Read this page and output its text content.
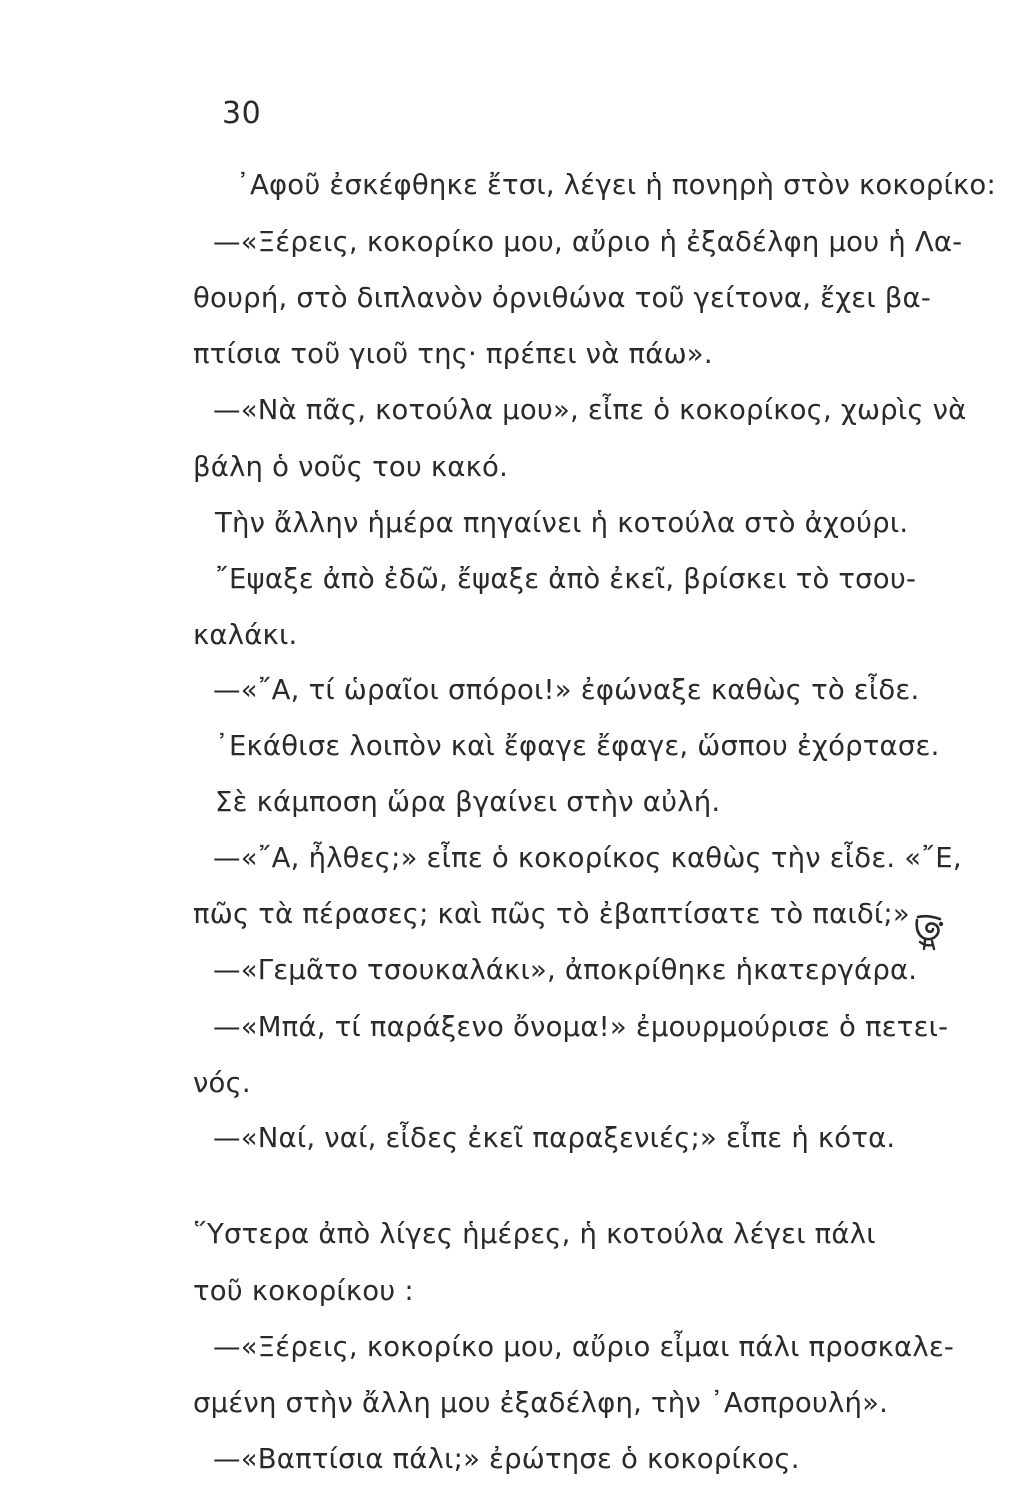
30
᾿Αφοῦ ἐσκέφθηκε ἔτσι, λέγει ἡ πονηρὴ στὸν κοκορίκο:
—«Ξέρεις, κοκορίκο μου, αὔριο ἡ ἐξαδέλφη μου ἡ Λα-
θουρή, στὸ διπλανὸν ὀρνιθώνα τοῦ γείτονα, ἔχει βα-
πτίσια τοῦ γιοῦ της· πρέπει νὰ πάω».
—«Νὰ πᾶς, κοτούλα μου», εἶπε ὁ κοκορίκος, χωρὶς νὰ
βάλη ὁ νοῦς του κακό.
Τὴν ἄλλην ἡμέρα πηγαίνει ἡ κοτούλα στὸ ἀχούρι.
῎Εψαξε ἀπὸ ἐδῶ, ἔψαξε ἀπὸ ἐκεῖ, βρίσκει τὸ τσου-
καλάκι.
—«῎Α, τί ὡραῖοι σπόροι!» ἐφώναξε καθὼς τὸ εἶδε.
᾿Εκάθισε λοιπὸν καὶ ἔφαγε ἔφαγε, ὥσπου ἐχόρτασε.
Σὲ κάμποση ὥρα βγαίνει στὴν αὐλή.
—«῎Α, ἦλθες;» εἶπε ὁ κοκορίκος καθὼς τὴν εἶδε. «῎Ε,
πῶς τὰ πέρασες; καὶ πῶς τὸ ἐβαπτίσατε τὸ παιδί;»
—«Γεμᾶτο τσουκαλάκι», ἀποκρίθηκε ἡκατεργάρα.
—«Μπά, τί παράξενο ὄνομα!» ἐμουρμούρισε ὁ πετει-
νός.
—«Ναί, ναί, εἶδες ἐκεῖ παραξενιές;» εἶπε ἡ κότα.
῞Υστερα ἀπὸ λίγες ἡμέρες, ἡ κοτούλα λέγει πάλι
τοῦ κοκορίκου :
—«Ξέρεις, κοκορίκο μου, αὔριο εἶμαι πάλι προσκαλε-
σμένη στὴν ἄλλη μου ἐξαδέλφη, τὴν ᾿Ασπρουλή».
—«Βαπτίσια πάλι;» ἐρώτησε ὁ κοκορίκος.
